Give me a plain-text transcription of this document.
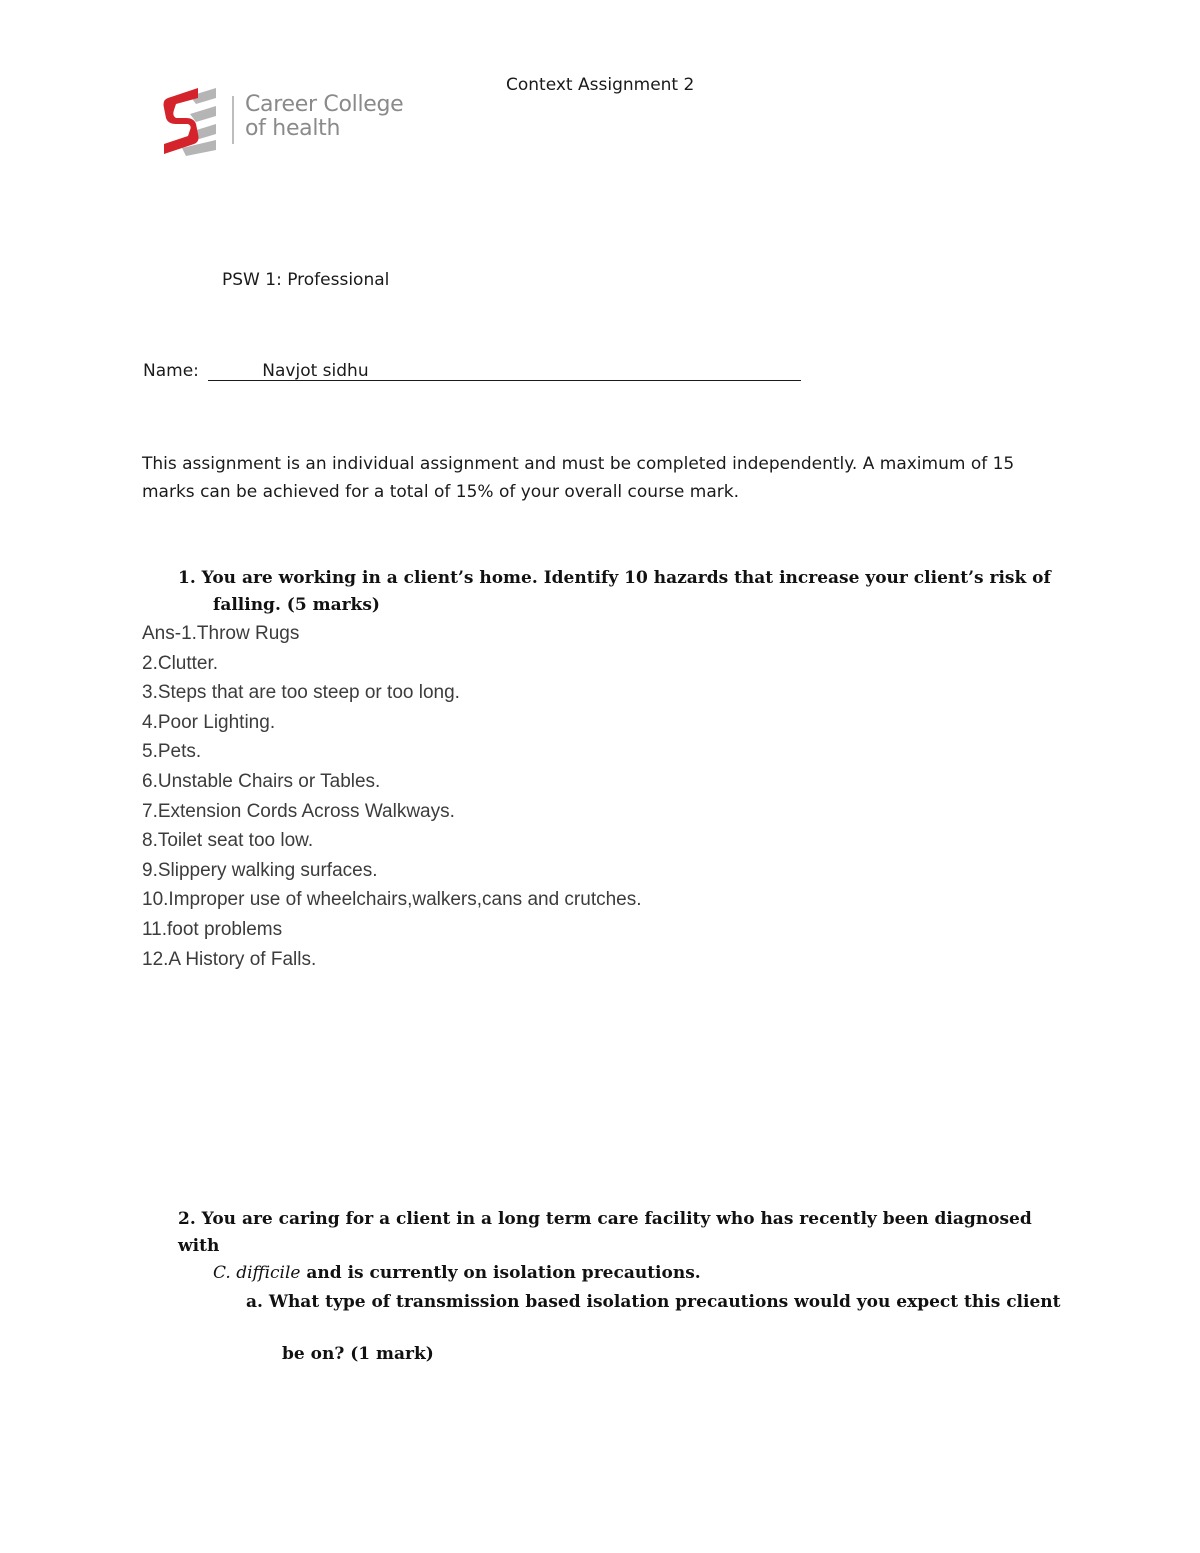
Career College
of health
Context Assignment 2
PSW 1: Professional
Name:	Navjot sidhu
This assignment is an individual assignment and must be completed independently. A maximum of 15
marks can be achieved for a total of 15% of your overall course mark.
1. You are working in a client’s home. Identify 10 hazards that increase your client’s risk of
falling. (5 marks)
Ans-1.Throw Rugs
2.Clutter.
3.Steps that are too steep or too long.
4.Poor Lighting.
5.Pets.
6.Unstable Chairs or Tables.
7.Extension Cords Across Walkways.
8.Toilet seat too low.
9.Slippery walking surfaces.
10.Improper use of wheelchairs,walkers,cans and crutches.
11.foot problems
12.A History of Falls.
2. You are caring for a client in a long term care facility who has recently been diagnosed with
C. difficile and is currently on isolation precautions.
a. What type of transmission based isolation precautions would you expect this client
be on? (1 mark)
